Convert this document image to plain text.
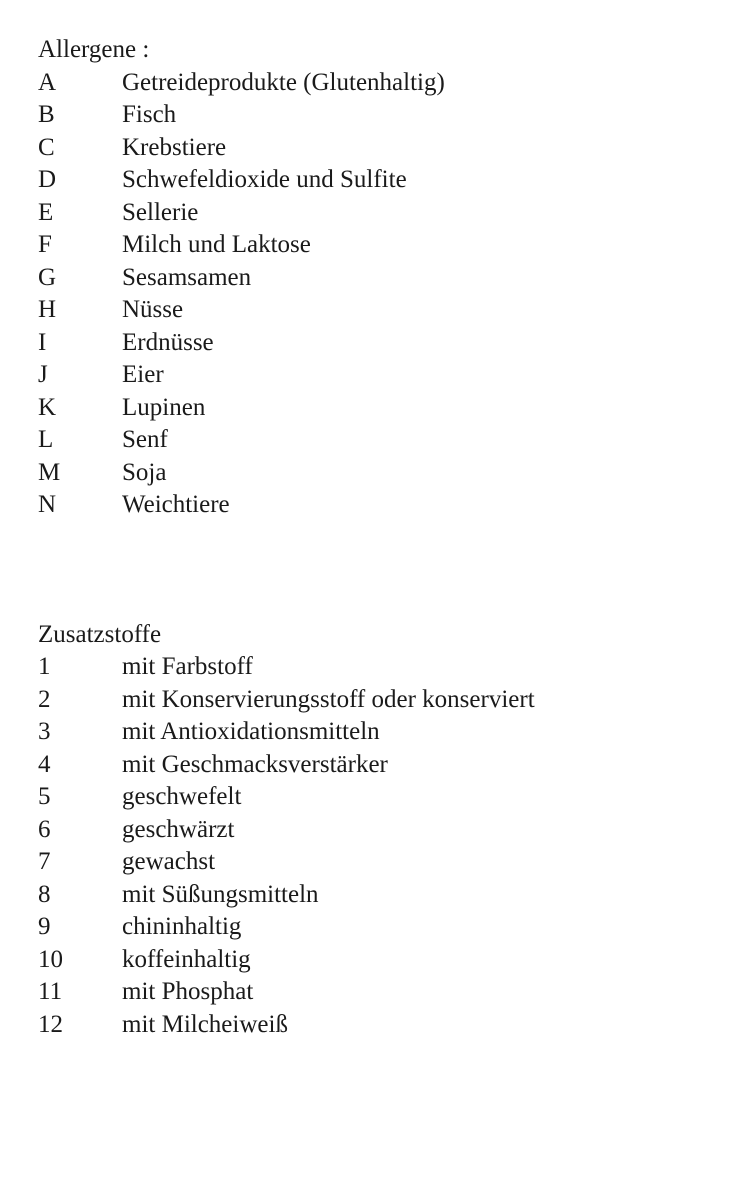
Allergene :
A	Getreideprodukte (Glutenhaltig)
B	Fisch
C	Krebstiere
D	Schwefeldioxide und Sulfite
E	Sellerie
F	Milch und Laktose
G	Sesamsamen
H	Nüsse
I	Erdnüsse
J	Eier
K	Lupinen
L	Senf
M	Soja
N	Weichtiere
Zusatzstoffe
1	mit Farbstoff
2	mit Konservierungsstoff oder konserviert
3	mit Antioxidationsmitteln
4	mit Geschmacksverstärker
5	geschwefelt
6	geschwärzt
7	gewachst
8	mit Süßungsmitteln
9	chininhaltig
10	koffeinhaltig
11	mit Phosphat
12	mit Milcheiweiß
